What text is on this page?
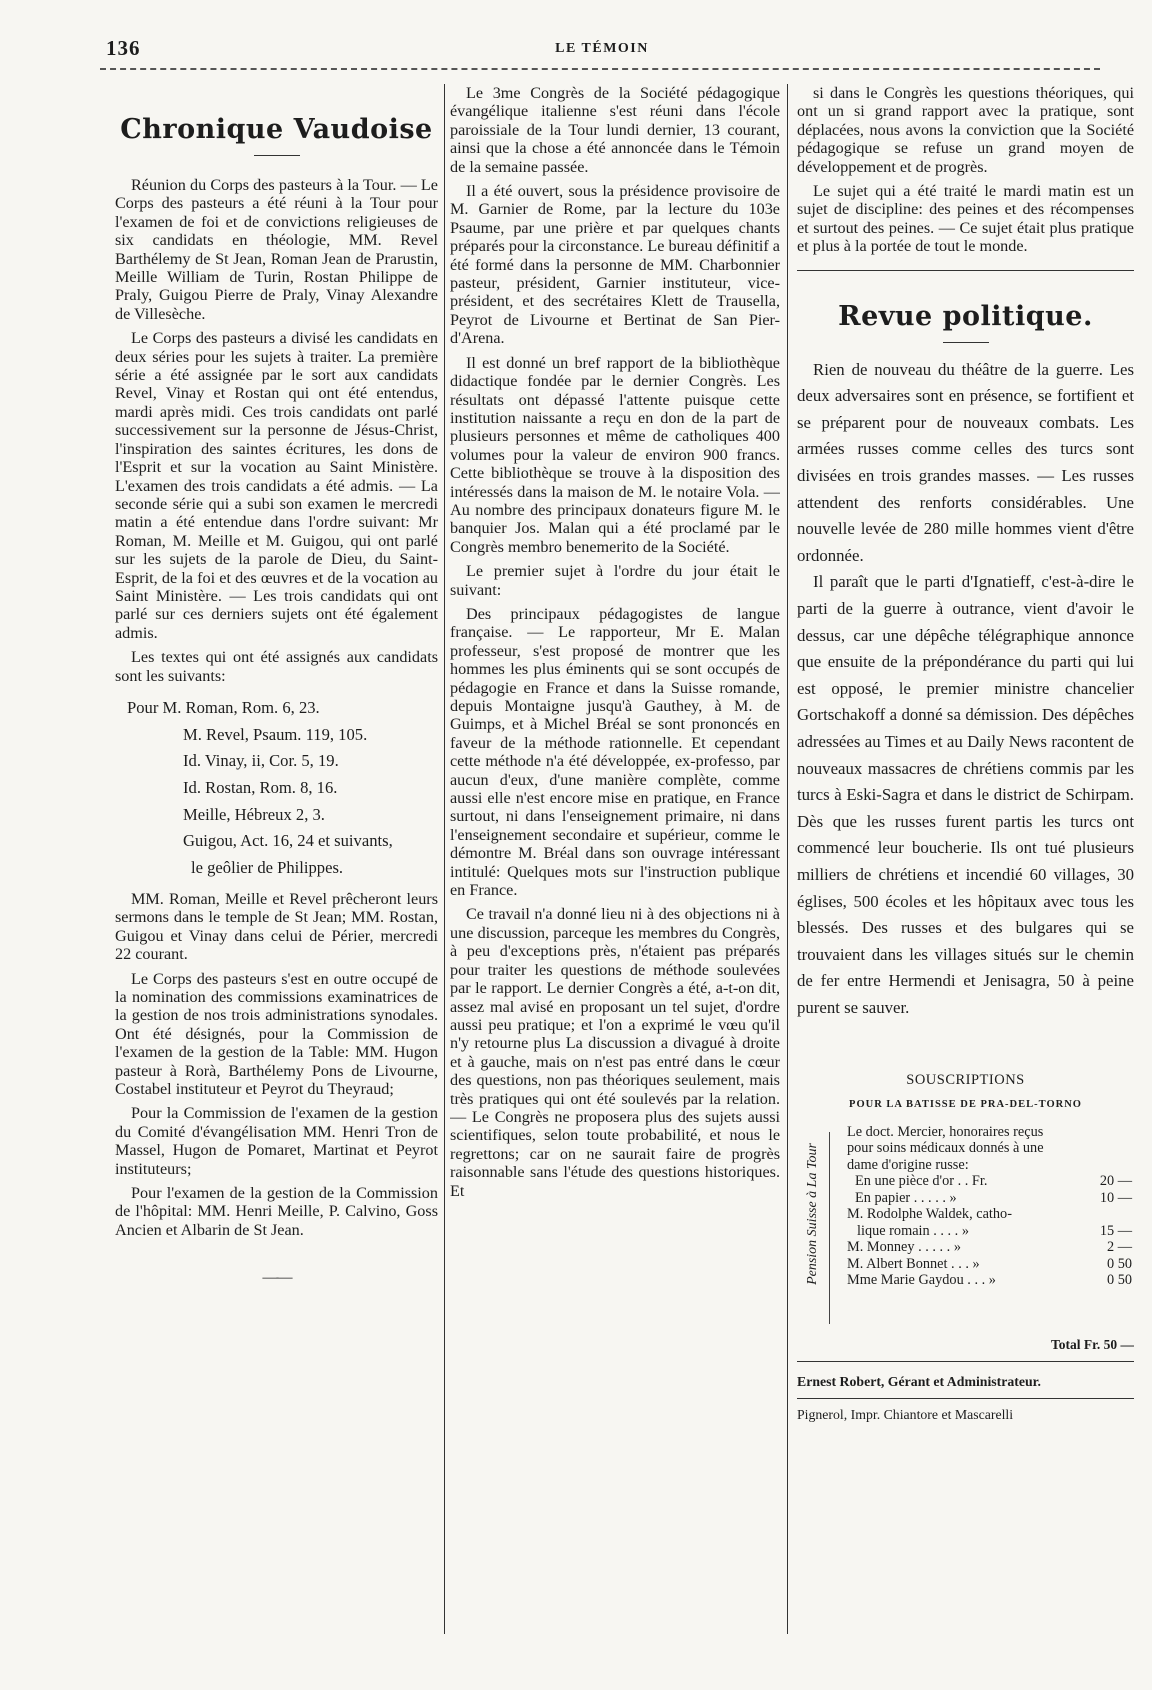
136	LE TÉMOIN
Chronique Vaudoise

Réunion du Corps des pasteurs à la Tour. — Le Corps des pasteurs a été réuni à la Tour pour l'examen de foi et de convictions religieuses de six candidats en théologie, MM. Revel Barthélemy de St Jean, Roman Jean de Prarustin, Meille William de Turin, Rostan Philippe de Praly, Guigou Pierre de Praly, Vinay Alexandre de Villesèche.

Le Corps des pasteurs a divisé les candidats en deux séries pour les sujets à traiter. La première série a été assignée par le sort aux candidats Revel, Vinay et Rostan qui ont été entendus, mardi après midi. Ces trois candidats ont parlé successivement sur la personne de Jésus-Christ, l'inspiration des saintes écritures, les dons de l'Esprit et sur la vocation au Saint Ministère. L'examen des trois candidats a été admis. — La seconde série qui a subi son examen le mercredi matin a été entendue dans l'ordre suivant: Mr Roman, M. Meille et M. Guigou, qui ont parlé sur les sujets de la parole de Dieu, du Saint-Esprit, de la foi et des œuvres et de la vocation au Saint Ministère. — Les trois candidats qui ont parlé sur ces derniers sujets ont été également admis.

Les textes qui ont été assignés aux candidats sont les suivants:

Pour M. Roman, Rom. 6, 23.
M. Revel, Psaum. 119, 105.
Id. Vinay, ii, Cor. 5, 19.
Id. Rostan, Rom. 8, 16.
Meille, Hébreux 2, 3.
Guigou, Act. 16, 24 et suivants,
le geôlier de Philippes.

MM. Roman, Meille et Revel prêcheront leurs sermons dans le temple de St Jean; MM. Rostan, Guigou et Vinay dans celui de Périer, mercredi 22 courant.

Le Corps des pasteurs s'est en outre occupé de la nomination des commissions examinatrices de la gestion de nos trois administrations synodales. Ont été désignés, pour la Commission de l'examen de la gestion de la Table: MM. Hugon pasteur à Rorà, Barthélemy Pons de Livourne, Costabel instituteur et Peyrot du Theyraud;

Pour la Commission de l'examen de la gestion du Comité d'évangélisation MM. Henri Tron de Massel, Hugon de Pomaret, Martinat et Peyrot instituteurs;

Pour l'examen de la gestion de la Commission de l'hôpital: MM. Henri Meille, P. Calvino, Goss Ancien et Albarin de St Jean.

——

Le 3me Congrès de la Société pédagogique évangélique italienne s'est réuni dans l'école paroissiale de la Tour lundi dernier, 13 courant, ainsi que la chose a été annoncée dans le Témoin de la semaine passée.

Il a été ouvert, sous la présidence provisoire de M. Garnier de Rome, par la lecture du 103e Psaume, par une prière et par quelques chants préparés pour la circonstance. Le bureau définitif a été formé dans la personne de MM. Charbonnier pasteur, président, Garnier instituteur, vice-président, et des secrétaires Klett de Trausella, Peyrot de Livourne et Bertinat de San Pier-d'Arena.

Il est donné un bref rapport de la bibliothèque didactique fondée par le dernier Congrès. Les résultats ont dépassé l'attente puisque cette institution naissante a reçu en don de la part de plusieurs personnes et même de catholiques 400 volumes pour la valeur de environ 900 francs. Cette bibliothèque se trouve à la disposition des intéressés dans la maison de M. le notaire Vola. — Au nombre des principaux donateurs figure M. le banquier Jos. Malan qui a été proclamé par le Congrès membro benemerito de la Société.

Le premier sujet à l'ordre du jour était le suivant:

Des principaux pédagogistes de langue française. — Le rapporteur, Mr E. Malan professeur, s'est proposé de montrer que les hommes les plus éminents qui se sont occupés de pédagogie en France et dans la Suisse romande, depuis Montaigne jusqu'à Gauthey, à M. de Guimps, et à Michel Bréal se sont prononcés en faveur de la méthode rationnelle. Et cependant cette méthode n'a été développée, ex-professo, par aucun d'eux, d'une manière complète, comme aussi elle n'est encore mise en pratique, en France surtout, ni dans l'enseignement primaire, ni dans l'enseignement secondaire et supérieur, comme le démontre M. Bréal dans son ouvrage intéressant intitulé: Quelques mots sur l'instruction publique en France.

Ce travail n'a donné lieu ni à des objections ni à une discussion, parceque les membres du Congrès, à peu d'exceptions près, n'étaient pas préparés pour traiter les questions de méthode soulevées par le rapport. Le dernier Congrès a été, a-t-on dit, assez mal avisé en proposant un tel sujet, d'ordre aussi peu pratique; et l'on a exprimé le vœu qu'il n'y retourne plus La discussion a divagué à droite et à gauche, mais on n'est pas entré dans le cœur des questions, non pas théoriques seulement, mais très pratiques qui ont été soulevés par la relation. — Le Congrès ne proposera plus des sujets aussi scientifiques, selon toute probabilité, et nous le regrettons; car on ne saurait faire de progrès raisonnable sans l'étude des questions historiques. Et

si dans le Congrès les questions théoriques, qui ont un si grand rapport avec la pratique, sont déplacées, nous avons la conviction que la Société pédagogique se refuse un grand moyen de développement et de progrès.

Le sujet qui a été traité le mardi matin est un sujet de discipline: des peines et des récompenses et surtout des peines. — Ce sujet était plus pratique et plus à la portée de tout le monde.

Revue politique.

Rien de nouveau du théâtre de la guerre. Les deux adversaires sont en présence, se fortifient et se préparent pour de nouveaux combats. Les armées russes comme celles des turcs sont divisées en trois grandes masses. — Les russes attendent des renforts considérables. Une nouvelle levée de 280 mille hommes vient d'être ordonnée.

Il paraît que le parti d'Ignatieff, c'est-à-dire le parti de la guerre à outrance, vient d'avoir le dessus, car une dépêche télégraphique annonce que ensuite de la prépondérance du parti qui lui est opposé, le premier ministre chancelier Gortschakoff a donné sa démission. Des dépêches adressées au Times et au Daily News racontent de nouveaux massacres de chrétiens commis par les turcs à Eski-Sagra et dans le district de Schirpam. Dès que les russes furent partis les turcs ont commencé leur boucherie. Ils ont tué plusieurs milliers de chrétiens et incendié 60 villages, 30 églises, 500 écoles et les hôpitaux avec tous les blessés. Des russes et des bulgares qui se trouvaient dans les villages situés sur le chemin de fer entre Hermendi et Jenisagra, 50 à peine purent se sauver.

SOUSCRIPTIONS
POUR LA BATISSE DE PRA-DEL-TORNO
Pension Suisse à La Tour
Le doct. Mercier, honoraires reçus
pour soins médicaux donnés à une
dame d'origine russe:
En une pièce d'or . . Fr.	20 —
En papier . . . . . »	10 —
M. Rodolphe Waldek, catho-
lique romain . . . . »	15 —
M. Monney . . . . . »	2 —
M. Albert Bonnet . . . »	0 50
Mme Marie Gaydou . . . »	0 50
Total Fr. 50 —
Ernest Robert, Gérant et Administrateur.
Pignerol, Impr. Chiantore et Mascarelli
